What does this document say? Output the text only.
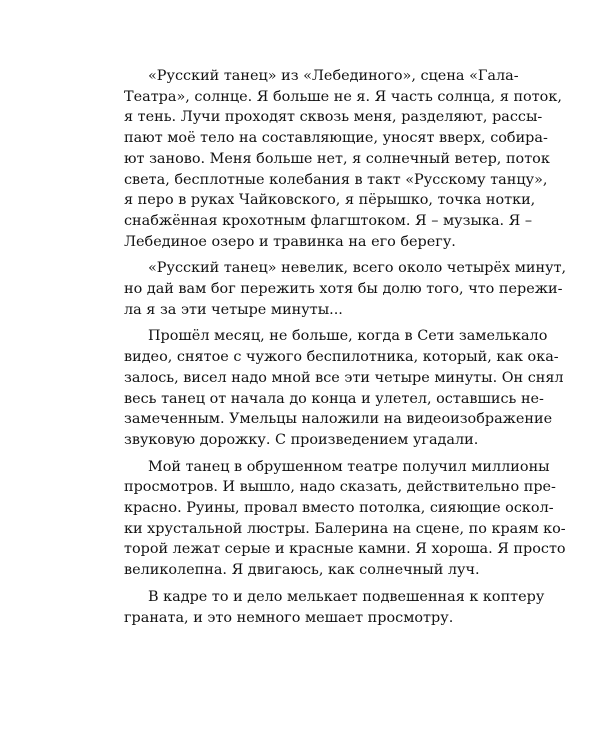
«Русский танец» из «Лебединого», сцена «Гала-
Театра», солнце. Я больше не я. Я часть солнца, я поток,
я тень. Лучи проходят сквозь меня, разделяют, рассы-
пают моё тело на составляющие, уносят вверх, собира-
ют заново. Меня больше нет, я солнечный ветер, поток
света, бесплотные колебания в такт «Русскому танцу»,
я перо в руках Чайковского, я пёрышко, точка нотки,
снабжённая крохотным флагштоком. Я – музыка. Я –
Лебединое озеро и травинка на его берегу.

«Русский танец» невелик, всего около четырёх минут,
но дай вам бог пережить хотя бы долю того, что пережи-
ла я за эти четыре минуты...

Прошёл месяц, не больше, когда в Сети замелькало
видео, снятое с чужого беспилотника, который, как ока-
залось, висел надо мной все эти четыре минуты. Он снял
весь танец от начала до конца и улетел, оставшись не-
замеченным. Умельцы наложили на видеоизображение
звуковую дорожку. С произведением угадали.

Мой танец в обрушенном театре получил миллионы
просмотров. И вышло, надо сказать, действительно пре-
красно. Руины, провал вместо потолка, сияющие оскол-
ки хрустальной люстры. Балерина на сцене, по краям ко-
торой лежат серые и красные камни. Я хороша. Я просто
великолепна. Я двигаюсь, как солнечный луч.

В кадре то и дело мелькает подвешенная к коптеру
граната, и это немного мешает просмотру.
